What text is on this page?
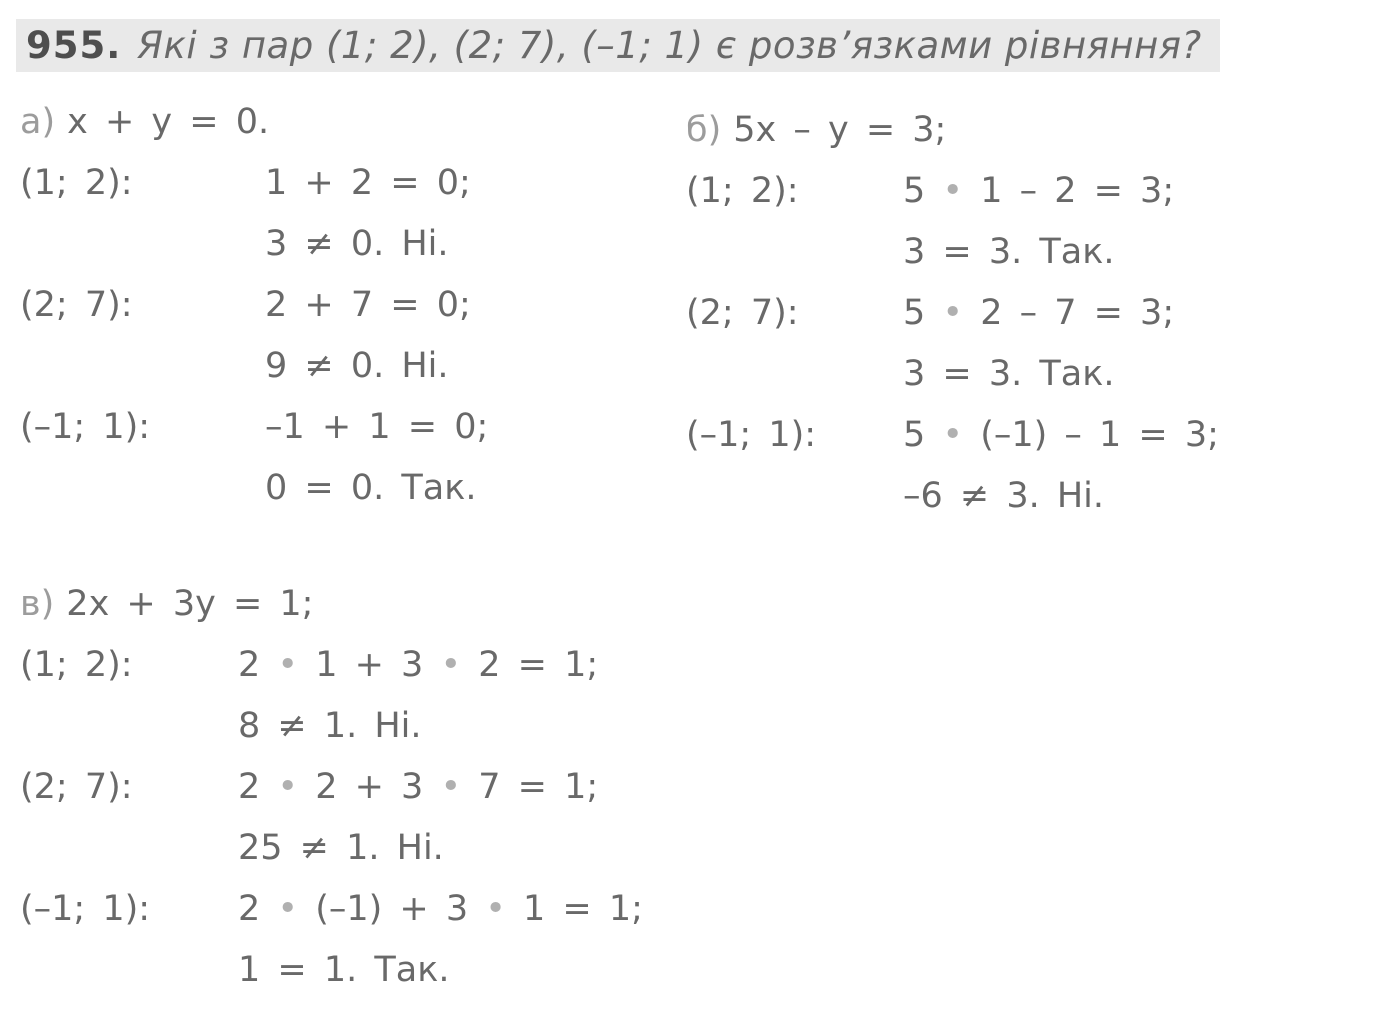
955. Які з пар (1; 2), (2; 7), (–1; 1) є розв’язками рівняння?
а) x + y = 0.
(1; 2):	1 + 2 = 0;
3 ≠ 0. Ні.
(2; 7):	2 + 7 = 0;
9 ≠ 0. Ні.
(–1; 1):	–1 + 1 = 0;
0 = 0. Так.
б) 5x – y = 3;
(1; 2):	5 • 1 – 2 = 3;
3 = 3. Так.
(2; 7):	5 • 2 – 7 = 3;
3 = 3. Так.
(–1; 1):	5 • (–1) – 1 = 3;
–6 ≠ 3. Ні.
в) 2x + 3y = 1;
(1; 2):	2 • 1 + 3 • 2 = 1;
8 ≠ 1. Ні.
(2; 7):	2 • 2 + 3 • 7 = 1;
25 ≠ 1. Ні.
(–1; 1):	2 • (–1) + 3 • 1 = 1;
1 = 1. Так.
